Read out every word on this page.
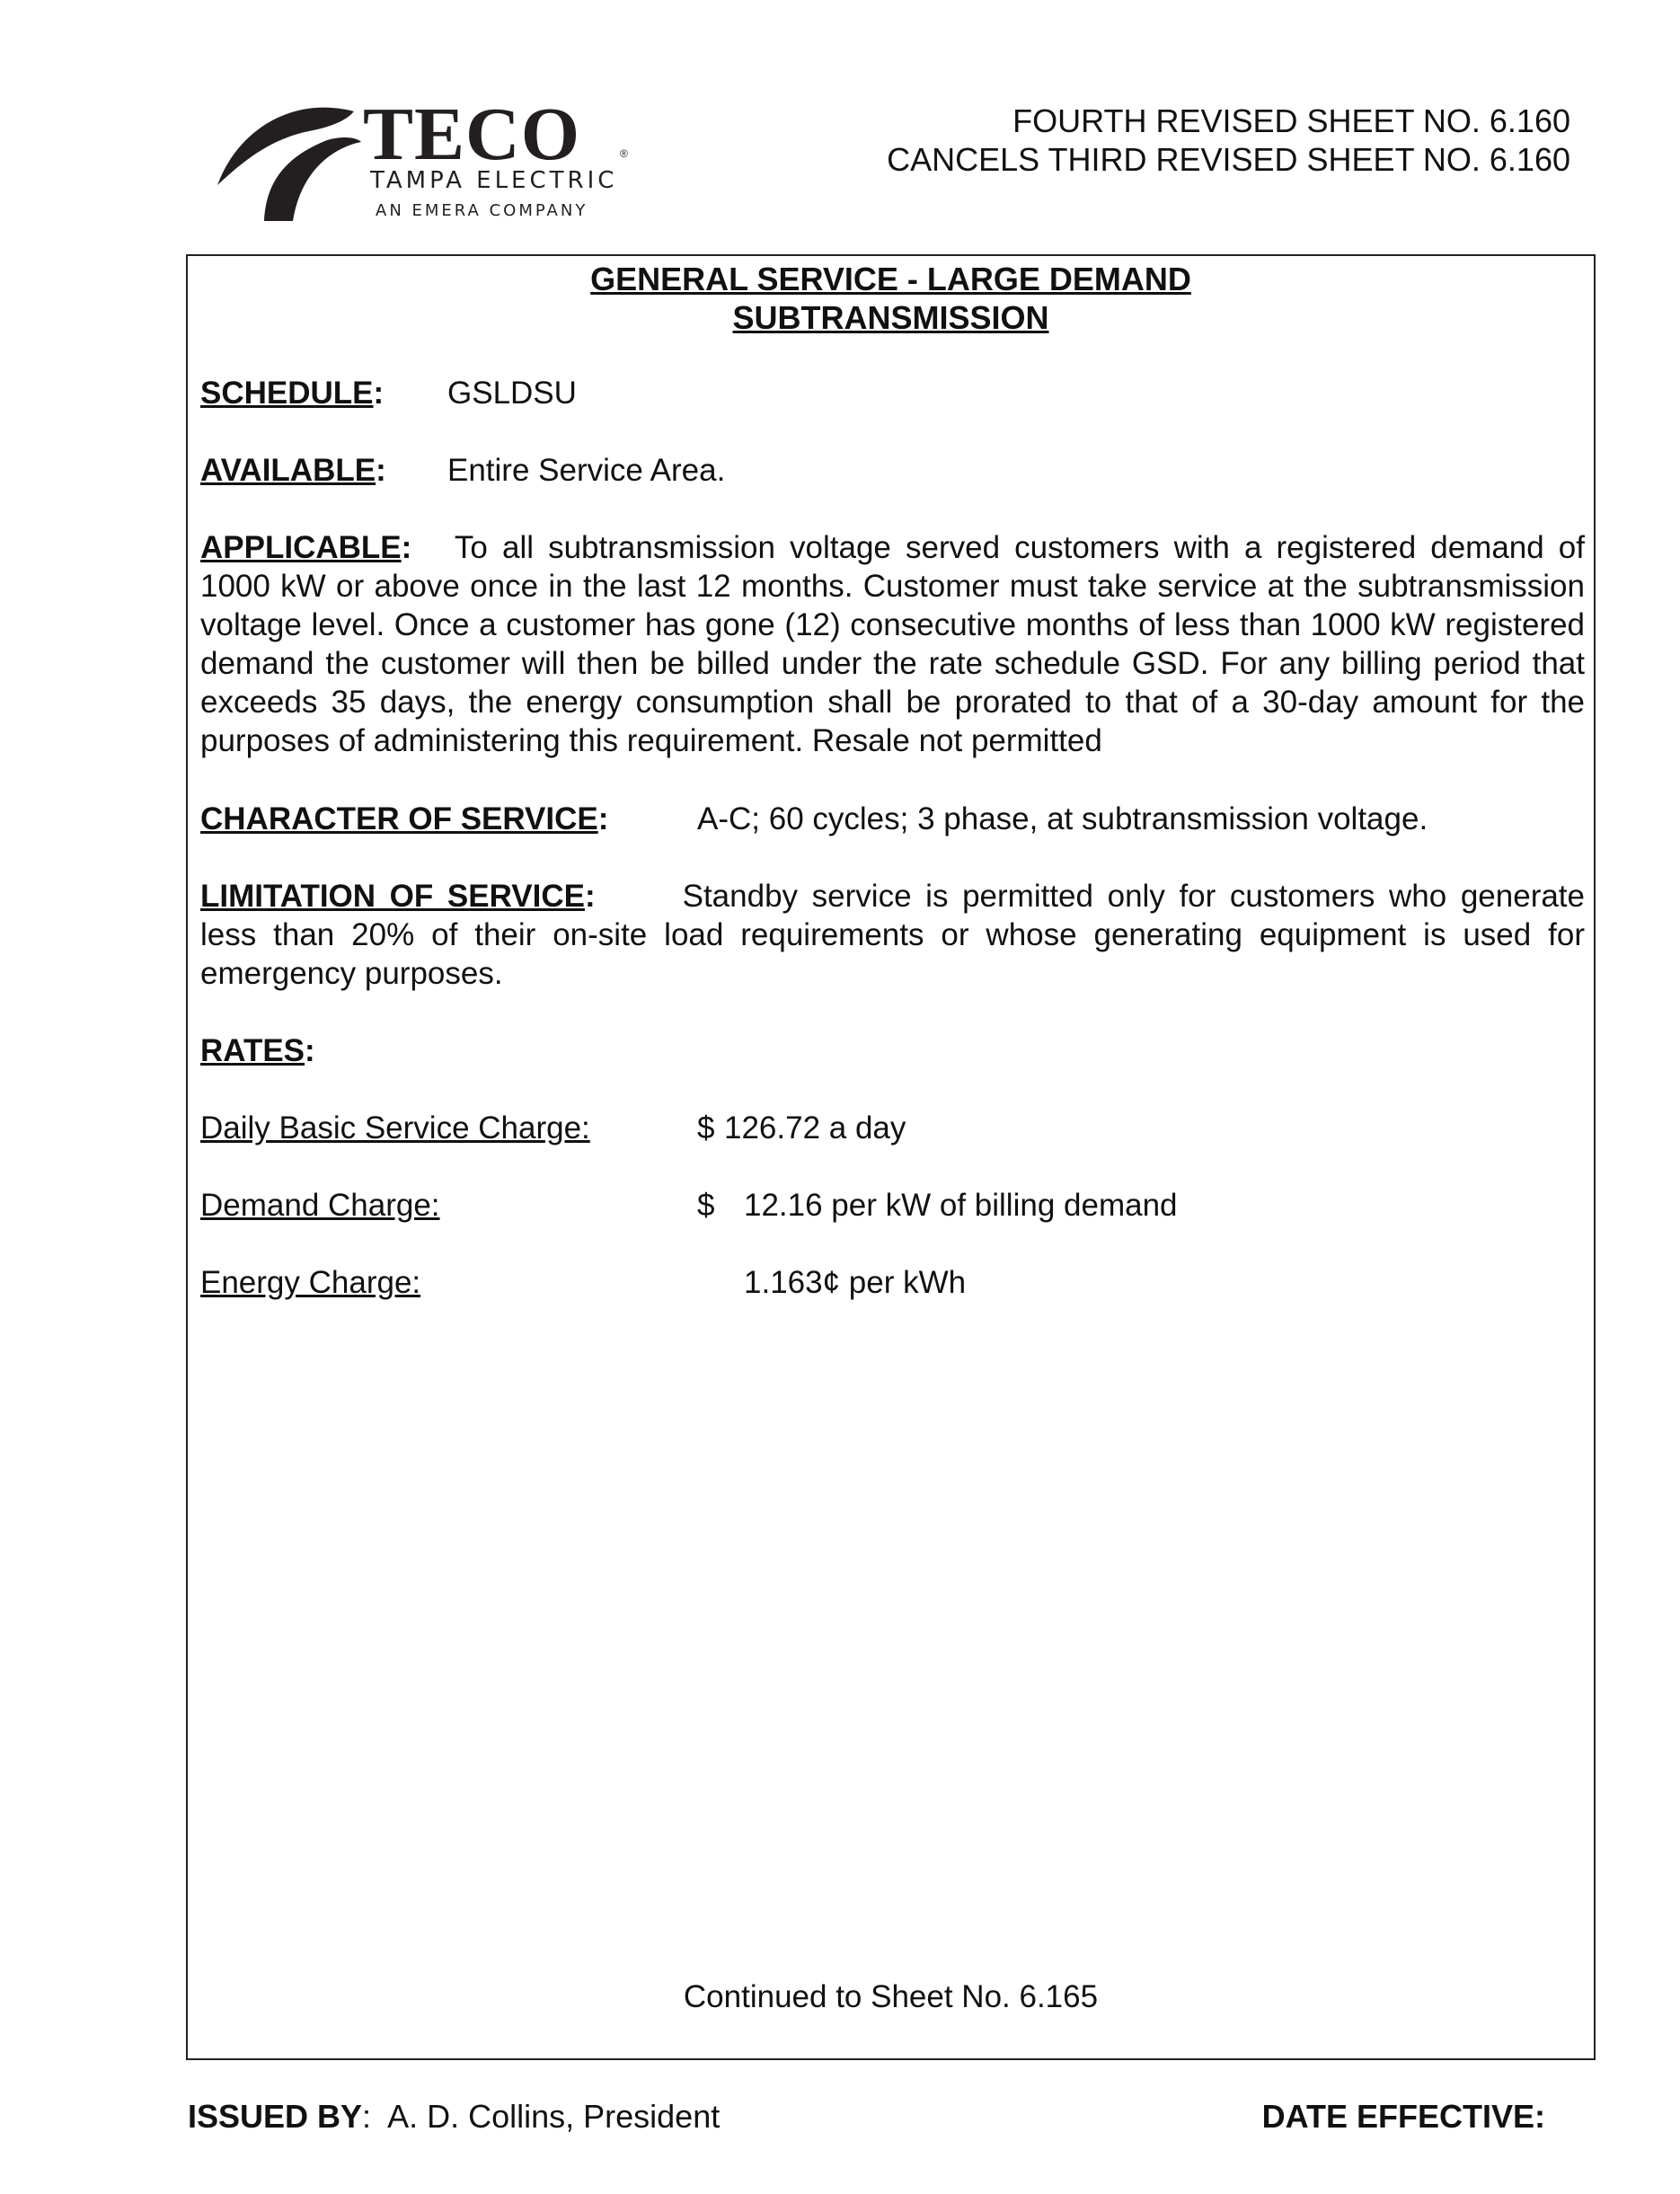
TECO	®
TAMPA ELECTRIC
AN EMERA COMPANY
FOURTH REVISED SHEET NO. 6.160
CANCELS THIRD REVISED SHEET NO. 6.160
GENERAL SERVICE - LARGE DEMAND
SUBTRANSMISSION
SCHEDULE: GSLDSU
AVAILABLE: Entire Service Area.
APPLICABLE: To all subtransmission voltage served customers with a registered demand of 1000 kW or above once in the last 12 months. Customer must take service at the subtransmission voltage level. Once a customer has gone (12) consecutive months of less than 1000 kW registered demand the customer will then be billed under the rate schedule GSD. For any billing period that exceeds 35 days, the energy consumption shall be prorated to that of a 30-day amount for the purposes of administering this requirement. Resale not permitted
CHARACTER OF SERVICE:	A-C; 60 cycles; 3 phase, at subtransmission voltage.
LIMITATION OF SERVICE:	Standby service is permitted only for customers who generate less than 20% of their on-site load requirements or whose generating equipment is used for emergency purposes.
RATES:
Daily Basic Service Charge:	$ 126.72 a day
Demand Charge:	$ 12.16 per kW of billing demand
Energy Charge:	1.163¢ per kWh
Continued to Sheet No. 6.165
ISSUED BY:  A. D. Collins, President	DATE EFFECTIVE:
